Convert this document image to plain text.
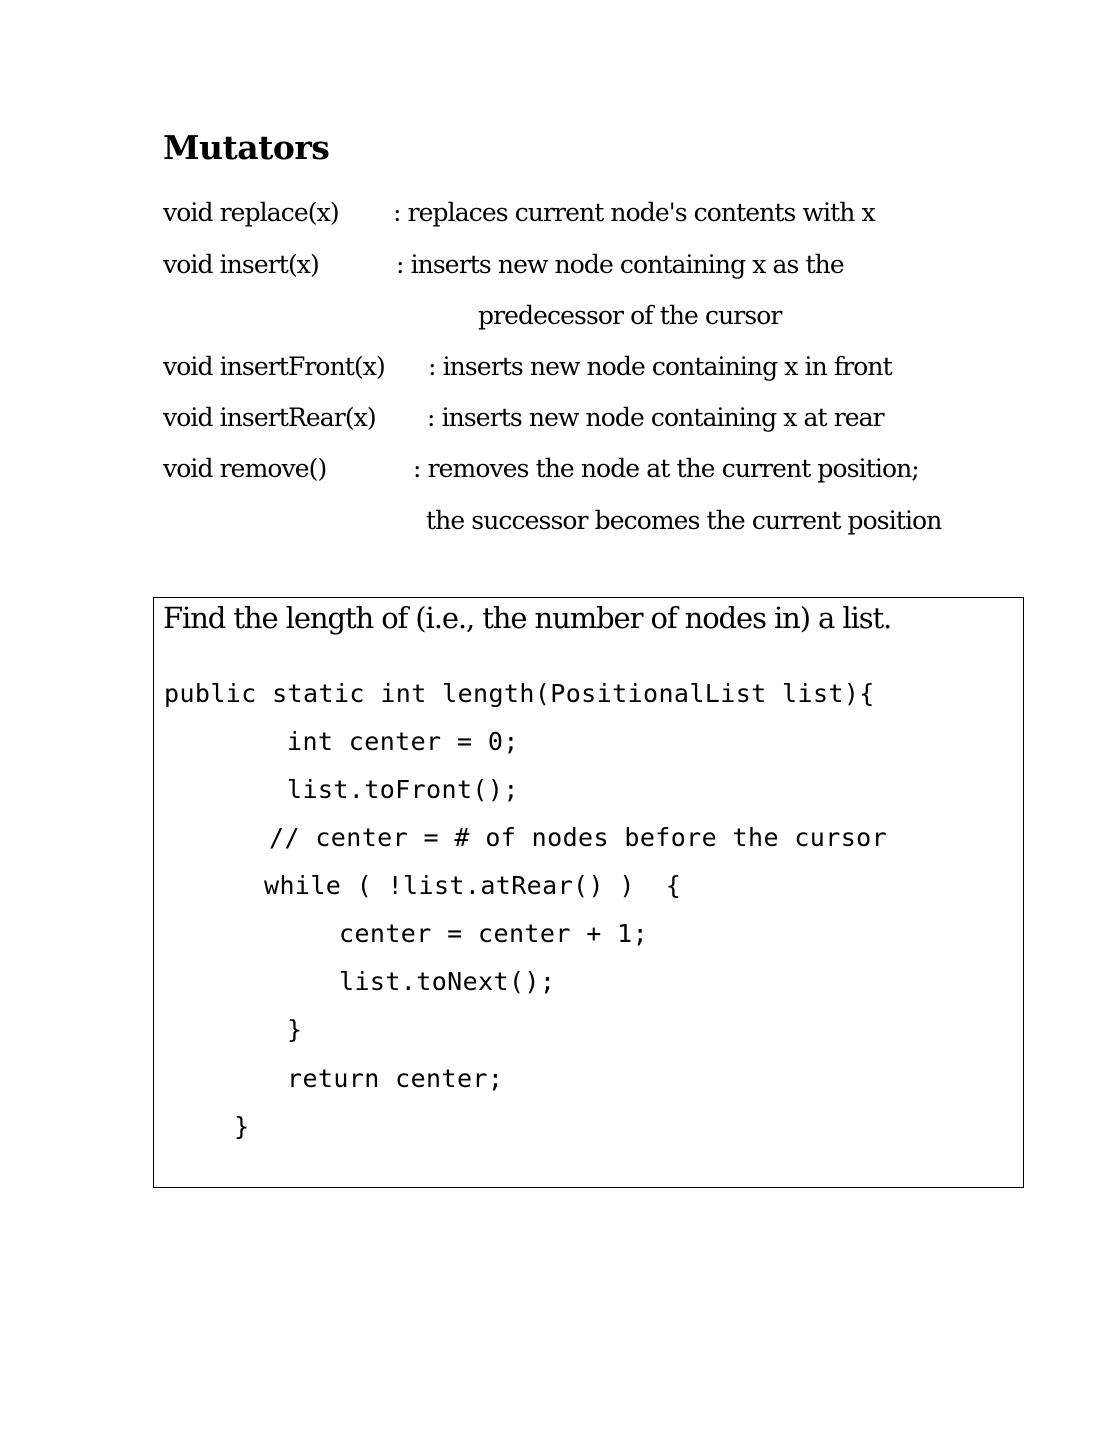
Mutators
void replace(x) : replaces current node's contents with x
void insert(x)	: inserts new node containing x as the
predecessor of the cursor
void insertFront(x) : inserts new node containing x in front
void insertRear(x) : inserts new node containing x at rear
void remove()	: removes the node at the current position;
the successor becomes the current position
Find the length of (i.e., the number of nodes in) a list.
public static int length(PositionalList list){
int center = 0;
list.toFront();
// center = # of nodes before the cursor
while ( !list.atRear() )  {
center = center + 1;
list.toNext();
}
return center;
}
